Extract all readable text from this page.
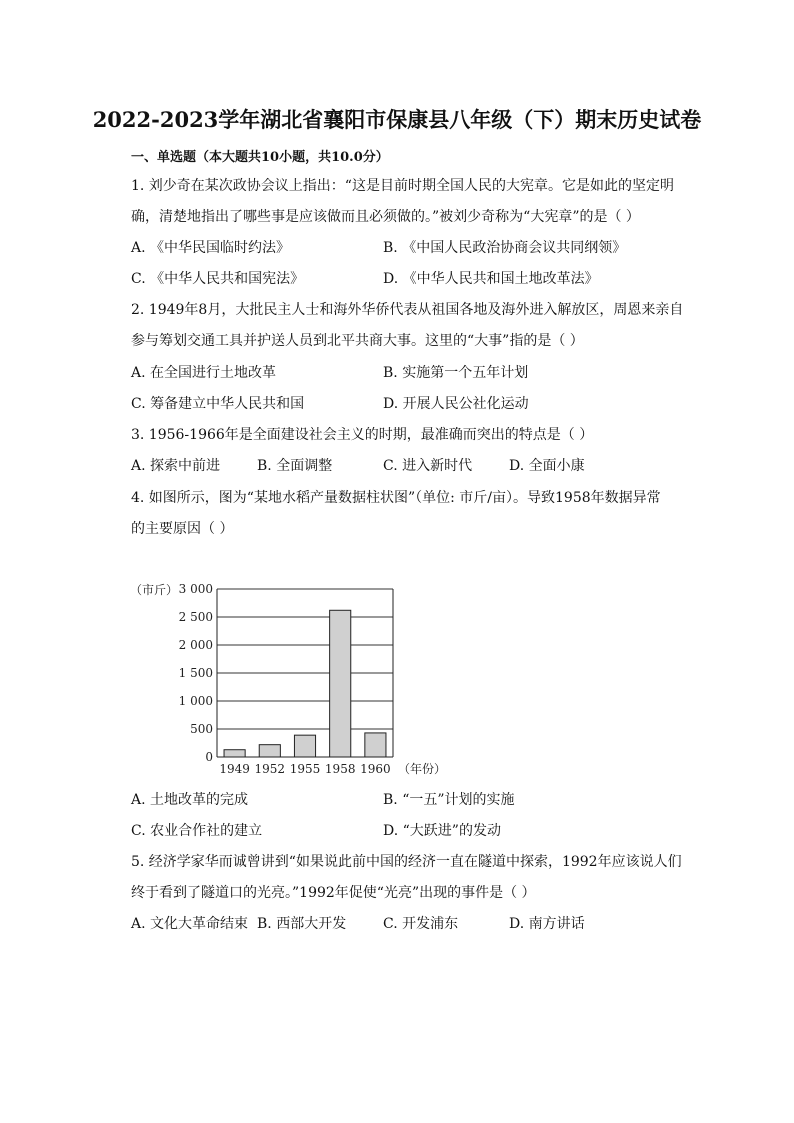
2022-2023学年湖北省襄阳市保康县八年级（下）期末历史试卷
一、单选题（本大题共10小题，共10.0分）
1. 刘少奇在某次政协会议上指出：“这是目前时期全国人民的大宪章。它是如此的坚定明
确，清楚地指出了哪些事是应该做而且必须做的。”被刘少奇称为“大宪章”的是（ ）
A. 《中华民国临时约法》	B. 《中国人民政治协商会议共同纲领》
C. 《中华人民共和国宪法》	D. 《中华人民共和国土地改革法》
2. 1949年8月，大批民主人士和海外华侨代表从祖国各地及海外进入解放区，周恩来亲自
参与筹划交通工具并护送人员到北平共商大事。这里的“大事”指的是（ ）
A. 在全国进行土地改革	B. 实施第一个五年计划
C. 筹备建立中华人民共和国	D. 开展人民公社化运动
3. 1956-1966年是全面建设社会主义的时期，最准确而突出的特点是（ ）
A. 探索中前进	B. 全面调整	C. 进入新时代	D. 全面小康
4. 如图所示，图为“某地水稻产量数据柱状图”（单位: 市斤/亩）。导致1958年数据异常
的主要原因（ ）
（市斤）
（年份）
0
500
1 000
1 500
2 000
2 500
3 000
1949 1952 1955 1958 1960
A. 土地改革的完成	B. “一五”计划的实施
C. 农业合作社的建立	D. “大跃进”的发动
5. 经济学家华而诚曾讲到“如果说此前中国的经济一直在隧道中探索，1992年应该说人们
终于看到了隧道口的光亮。”1992年促使“光亮”出现的事件是（ ）
A. 文化大革命结束 B. 西部大开发	C. 开发浦东	D. 南方讲话
